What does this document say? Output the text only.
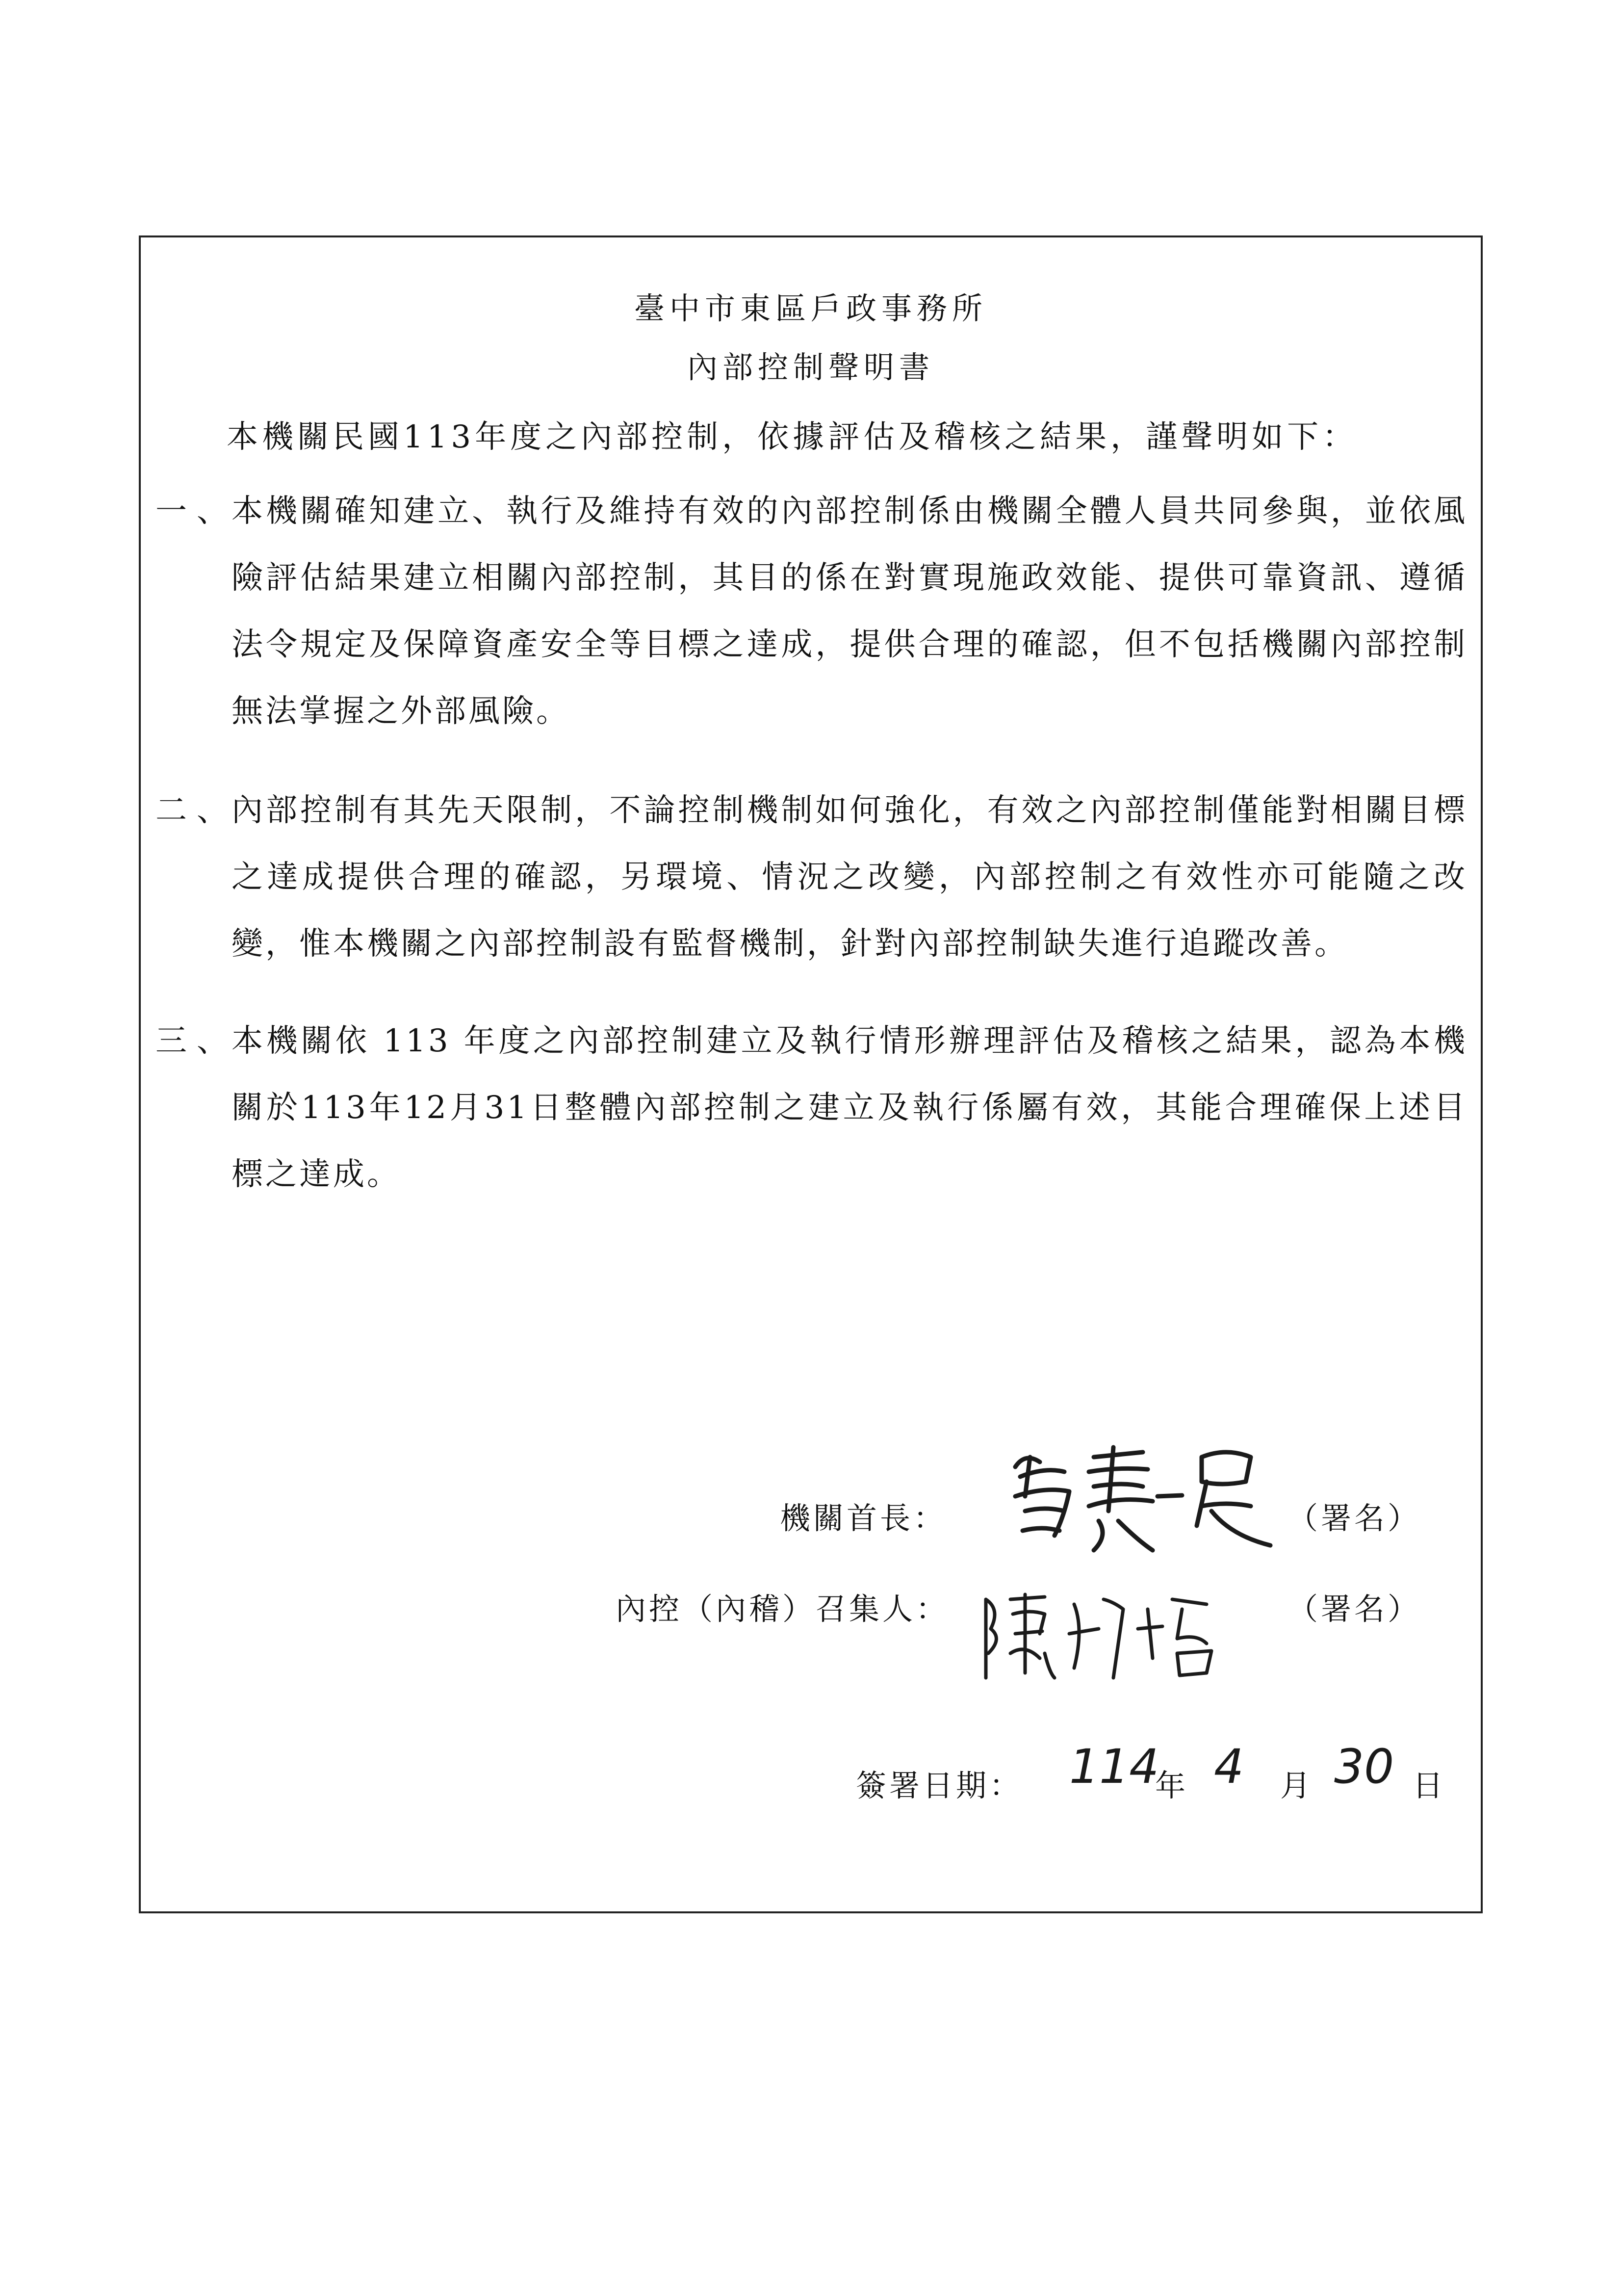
臺中市東區戶政事務所
內部控制聲明書
本機關民國113年度之內部控制，依據評估及稽核之結果，謹聲明如下：
一、
本機關確知建立、執行及維持有效的內部控制係由機關全體人員共同參與，並依風險評估結果建立相關內部控制，其目的係在對實現施政效能、提供可靠資訊、遵循法令規定及保障資產安全等目標之達成，提供合理的確認，但不包括機關內部控制無法掌握之外部風險。
二、
內部控制有其先天限制，不論控制機制如何強化，有效之內部控制僅能對相關目標之達成提供合理的確認，另環境、情況之改變，內部控制之有效性亦可能隨之改變，惟本機關之內部控制設有監督機制，針對內部控制缺失進行追蹤改善。
三、
本機關依 113 年度之內部控制建立及執行情形辦理評估及稽核之結果，認為本機關於113年12月31日整體內部控制之建立及執行係屬有效，其能合理確保上述目標之達成。
機關首長：	（署名）
內控（內稽）召集人：	（署名）
簽署日期： 114
年 4 月 30 日
